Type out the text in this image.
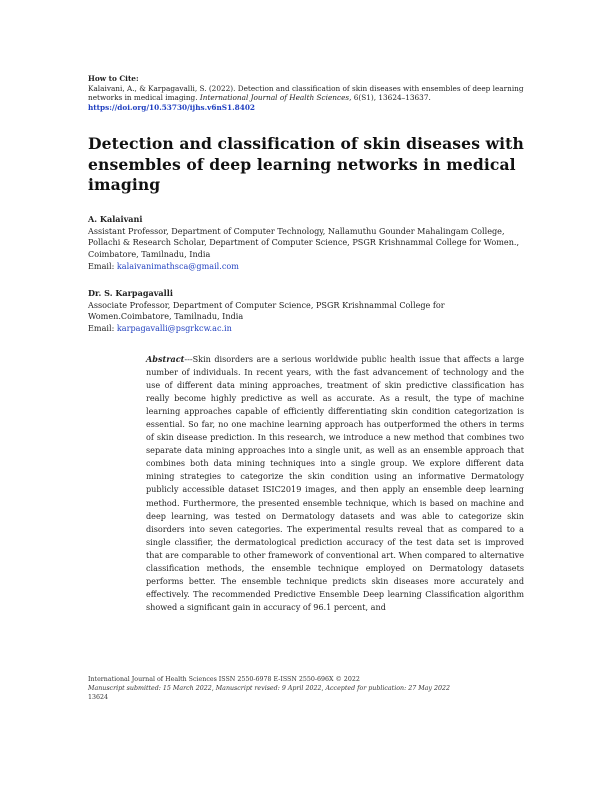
How to Cite:
Kalaivani, A., & Karpagavalli, S. (2022). Detection and classification of skin diseases with ensembles of deep learning networks in medical imaging. International Journal of Health Sciences, 6(S1), 13624–13637. https://doi.org/10.53730/ijhs.v6nS1.8402
Detection and classification of skin diseases with ensembles of deep learning networks in medical imaging
A. Kalaivani
Assistant Professor, Department of Computer Technology, Nallamuthu Gounder Mahalingam College, Pollachi & Research Scholar, Department of Computer Science, PSGR Krishnammal College for Women., Coimbatore, Tamilnadu, India
Email: kalaivanimathsca@gmail.com
Dr. S. Karpagavalli
Associate Professor, Department of Computer Science, PSGR Krishnammal College for Women.Coimbatore, Tamilnadu, India
Email: karpagavalli@psgrkcw.ac.in
Abstract---Skin disorders are a serious worldwide public health issue that affects a large number of individuals. In recent years, with the fast advancement of technology and the use of different data mining approaches, treatment of skin predictive classification has really become highly predictive as well as accurate. As a result, the type of machine learning approaches capable of efficiently differentiating skin condition categorization is essential. So far, no one machine learning approach has outperformed the others in terms of skin disease prediction. In this research, we introduce a new method that combines two separate data mining approaches into a single unit, as well as an ensemble approach that combines both data mining techniques into a single group. We explore different data mining strategies to categorize the skin condition using an informative Dermatology publicly accessible dataset ISIC2019 images, and then apply an ensemble deep learning method. Furthermore, the presented ensemble technique, which is based on machine and deep learning, was tested on Dermatology datasets and was able to categorize skin disorders into seven categories. The experimental results reveal that as compared to a single classifier, the dermatological prediction accuracy of the test data set is improved that are comparable to other framework of conventional art. When compared to alternative classification methods, the ensemble technique employed on Dermatology datasets performs better. The ensemble technique predicts skin diseases more accurately and effectively. The recommended Predictive Ensemble Deep learning Classification algorithm showed a significant gain in accuracy of 96.1 percent, and
International Journal of Health Sciences ISSN 2550-6978 E-ISSN 2550-696X © 2022
Manuscript submitted: 15 March 2022, Manuscript revised: 9 April 2022, Accepted for publication: 27 May 2022
13624
